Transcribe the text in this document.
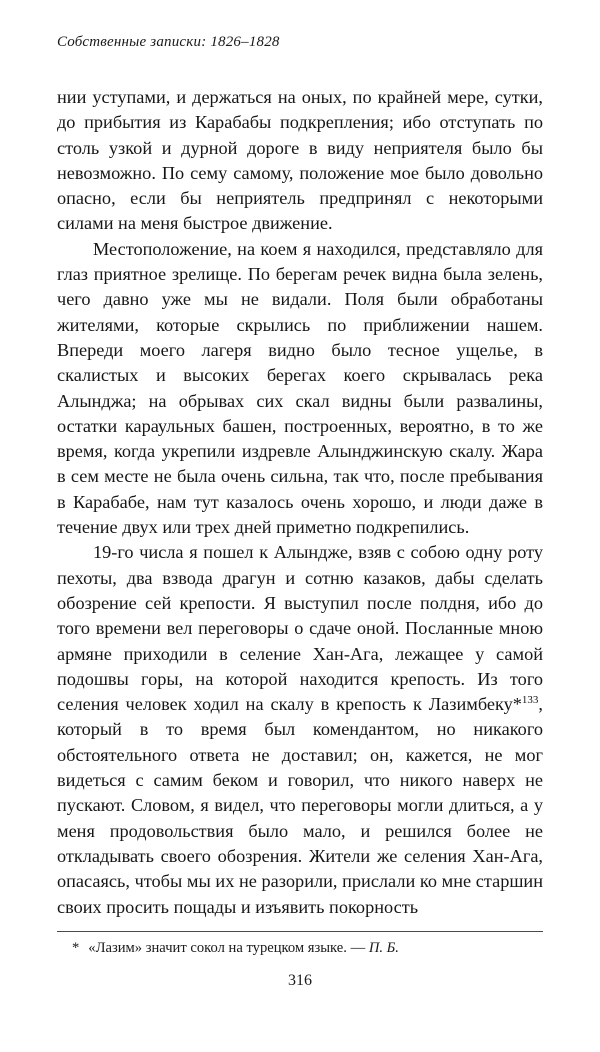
Собственные записки: 1826–1828

нии уступами, и держаться на оных, по крайней мере, сутки, до прибытия из Карабабы подкрепления; ибо отступать по столь узкой и дурной дороге в виду неприятеля было бы невозможно. По сему самому, положение мое было довольно опасно, если бы неприятель предпринял с некоторыми силами на меня быстрое движение.

Местоположение, на коем я находился, представляло для глаз приятное зрелище. По берегам речек видна была зелень, чего давно уже мы не видали. Поля были обработаны жителями, которые скрылись по приближении нашем. Впереди моего лагеря видно было тесное ущелье, в скалистых и высоких берегах коего скрывалась река Алынджа; на обрывах сих скал видны были развалины, остатки караульных башен, построенных, вероятно, в то же время, когда укрепили издревле Алынджинскую скалу. Жара в сем месте не была очень сильна, так что, после пребывания в Карабабе, нам тут казалось очень хорошо, и люди даже в течение двух или трех дней приметно подкрепились.

19-го числа я пошел к Алындже, взяв с собою одну роту пехоты, два взвода драгун и сотню казаков, дабы сделать обозрение сей крепости. Я выступил после полдня, ибо до того времени вел переговоры о сдаче оной. Посланные мною армяне приходили в селение Хан-Ага, лежащее у самой подошвы горы, на которой находится крепость. Из того селения человек ходил на скалу в крепость к Лазимбеку*$^{133}$, который в то время был комендантом, но никакого обстоятельного ответа не доставил; он, кажется, не мог видеться с самим беком и говорил, что никого наверх не пускают. Словом, я видел, что переговоры могли длиться, а у меня продовольствия было мало, и решился более не откладывать своего обозрения. Жители же селения Хан-Ага, опасаясь, чтобы мы их не разорили, прислали ко мне старшин своих просить пощады и изъявить покорность

* «Лазим» значит сокол на турецком языке. — П. Б.

316
